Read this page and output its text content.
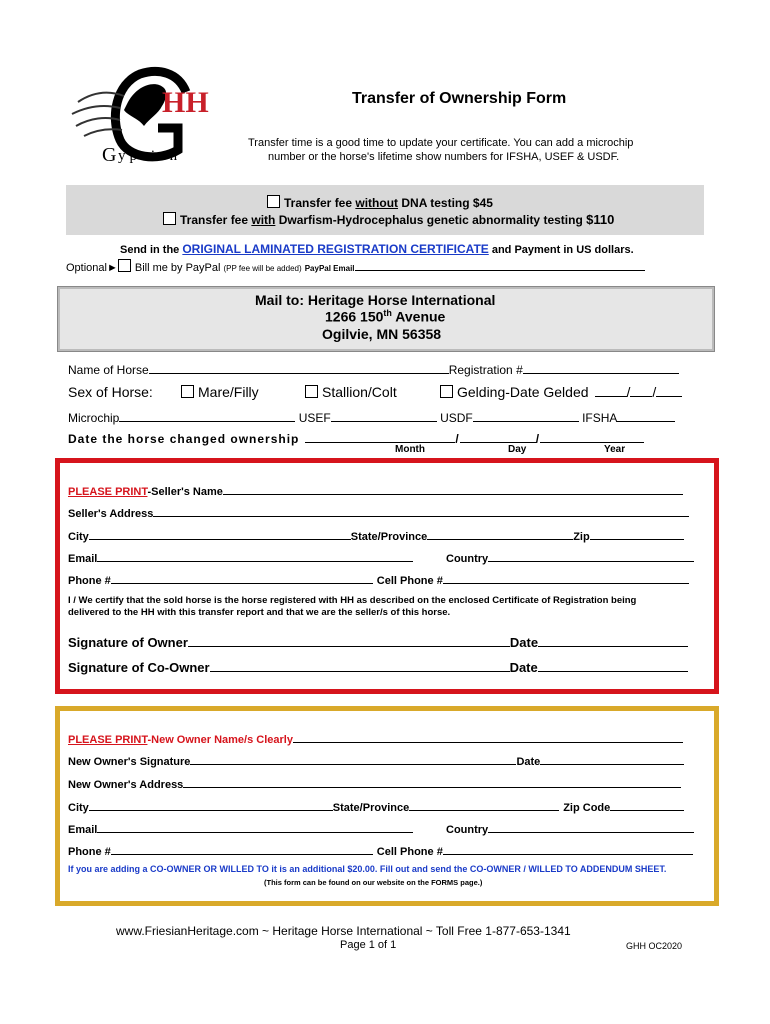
HH
G ypsian
Transfer of Ownership Form
Transfer time is a good time to update your certificate. You can add a microchip
number or the horse's lifetime show numbers for IFSHA, USEF & USDF.
Transfer fee without DNA testing $45
Transfer fee with Dwarfism-Hydrocephalus genetic abnormality testing $110
Send in the ORIGINAL LAMINATED REGISTRATION CERTIFICATE and Payment in US dollars.
Optional► Bill me by PayPal (PP fee will be added) PayPal Email
Mail to: Heritage Horse International
1266 150th Avenue
Ogilvie, MN 56358
Name of Horse	Registration #
Sex of Horse:	Mare/Filly	Stallion/Colt	Gelding-Date Gelded	/ /
Microchip	USEF	USDF	IFSHA
Date the horse changed ownership	/	/
Month	Day	Year
PLEASE PRINT-Seller's Name
Seller's Address
City	State/Province	Zip
Email	Country
Phone #	Cell Phone #
I / We certify that the sold horse is the horse registered with HH as described on the enclosed Certificate of Registration being
delivered to the HH with this transfer report and that we are the seller/s of this horse.
Signature of Owner	Date
Signature of Co-Owner	Date
PLEASE PRINT-New Owner Name/s Clearly
New Owner's Signature	Date
New Owner's Address
City	State/Province	Zip Code
Email	Country
Phone #	Cell Phone #
If you are adding a CO-OWNER OR WILLED TO it is an additional $20.00. Fill out and send the CO-OWNER / WILLED TO ADDENDUM SHEET.
(This form can be found on our website on the FORMS page.)
www.FriesianHeritage.com ~ Heritage Horse International ~ Toll Free 1-877-653-1341
Page 1 of 1	GHH OC2020
